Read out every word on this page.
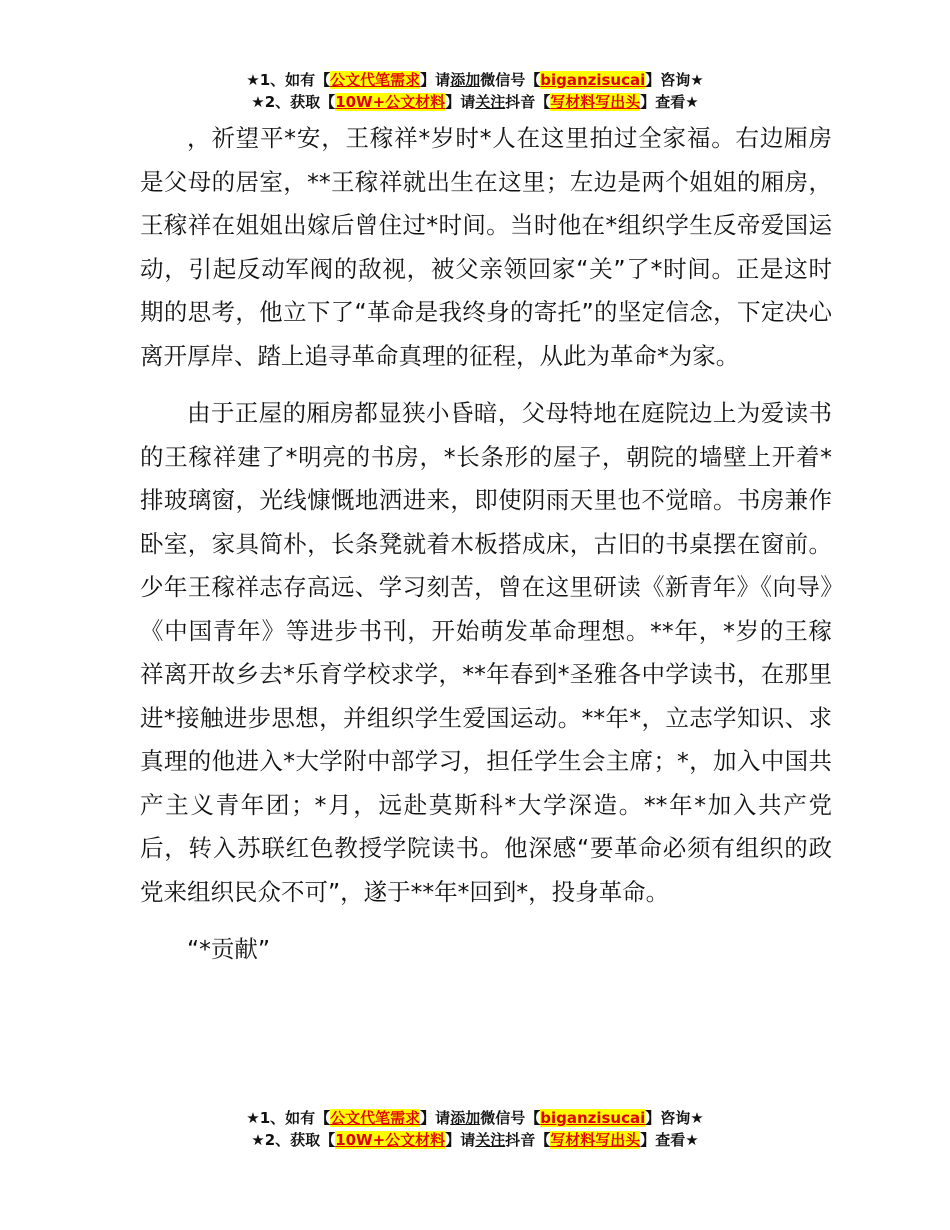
★1、如有【公文代笔需求】请添加微信号【biganzisucai】咨询★
★2、获取【10W+公文材料】请关注抖音【写材料写出头】查看★

，祈望平*安，王稼祥*岁时*人在这里拍过全家福。右边厢房是父母的居室，**王稼祥就出生在这里；左边是两个姐姐的厢房，王稼祥在姐姐出嫁后曾住过*时间。当时他在*组织学生反帝爱国运动，引起反动军阀的敌视，被父亲领回家“关”了*时间。正是这时期的思考，他立下了“革命是我终身的寄托”的坚定信念，下定决心离开厚岸、踏上追寻革命真理的征程，从此为革命*为家。

由于正屋的厢房都显狭小昏暗，父母特地在庭院边上为爱读书的王稼祥建了*明亮的书房，*长条形的屋子，朝院的墙壁上开着*排玻璃窗，光线慷慨地洒进来，即使阴雨天里也不觉暗。书房兼作卧室，家具简朴，长条凳就着木板搭成床，古旧的书桌摆在窗前。少年王稼祥志存高远、学习刻苦，曾在这里研读《新青年》《向导》《中国青年》等进步书刊，开始萌发革命理想。**年，*岁的王稼祥离开故乡去*乐育学校求学，**年春到*圣雅各中学读书，在那里进*接触进步思想，并组织学生爱国运动。**年*，立志学知识、求真理的他进入*大学附中部学习，担任学生会主席；*，加入中国共产主义青年团；*月，远赴莫斯科*大学深造。**年*加入共产党后，转入苏联红色教授学院读书。他深感“要革命必须有组织的政党来组织民众不可”，遂于**年*回到*，投身革命。

“*贡献”

★1、如有【公文代笔需求】请添加微信号【biganzisucai】咨询★
★2、获取【10W+公文材料】请关注抖音【写材料写出头】查看★
